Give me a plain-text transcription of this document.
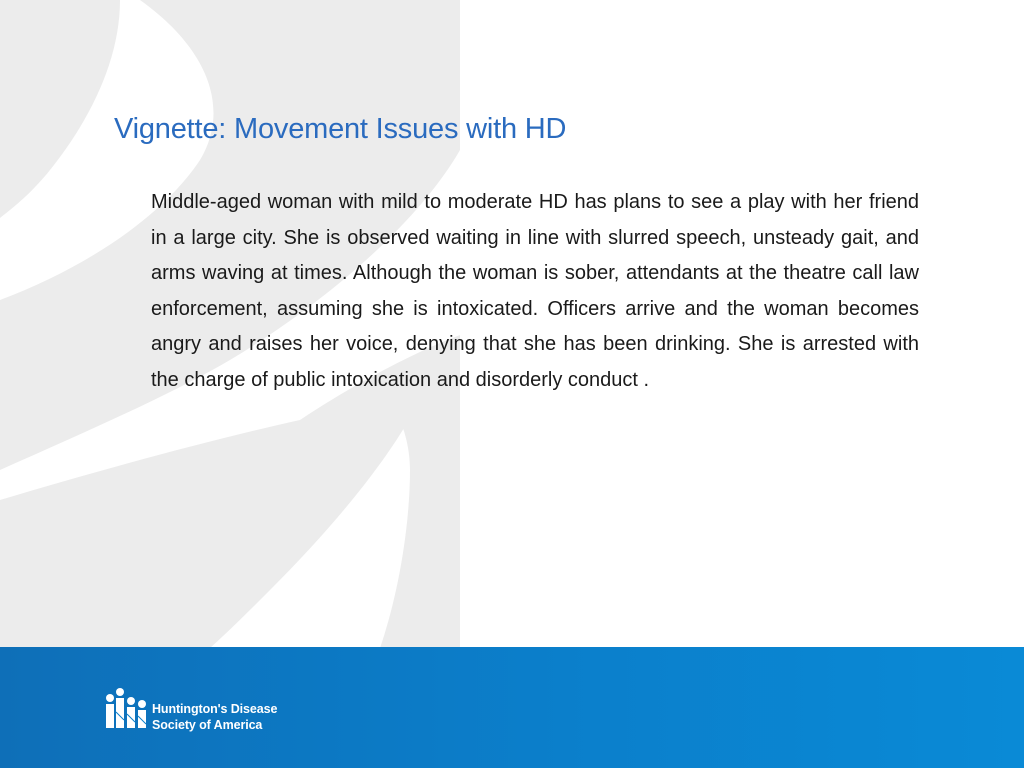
Vignette: Movement Issues with HD

Middle-aged woman with mild to moderate HD has plans to see a play with her friend in a large city. She is observed waiting in line with slurred speech, unsteady gait, and arms waving at times. Although the woman is sober, attendants at the theatre call law enforcement, assuming she is intoxicated. Officers arrive and the woman becomes angry and raises her voice, denying that she has been drinking. She is arrested with the charge of public intoxication and disorderly conduct .

Huntington's Disease
Society of America
